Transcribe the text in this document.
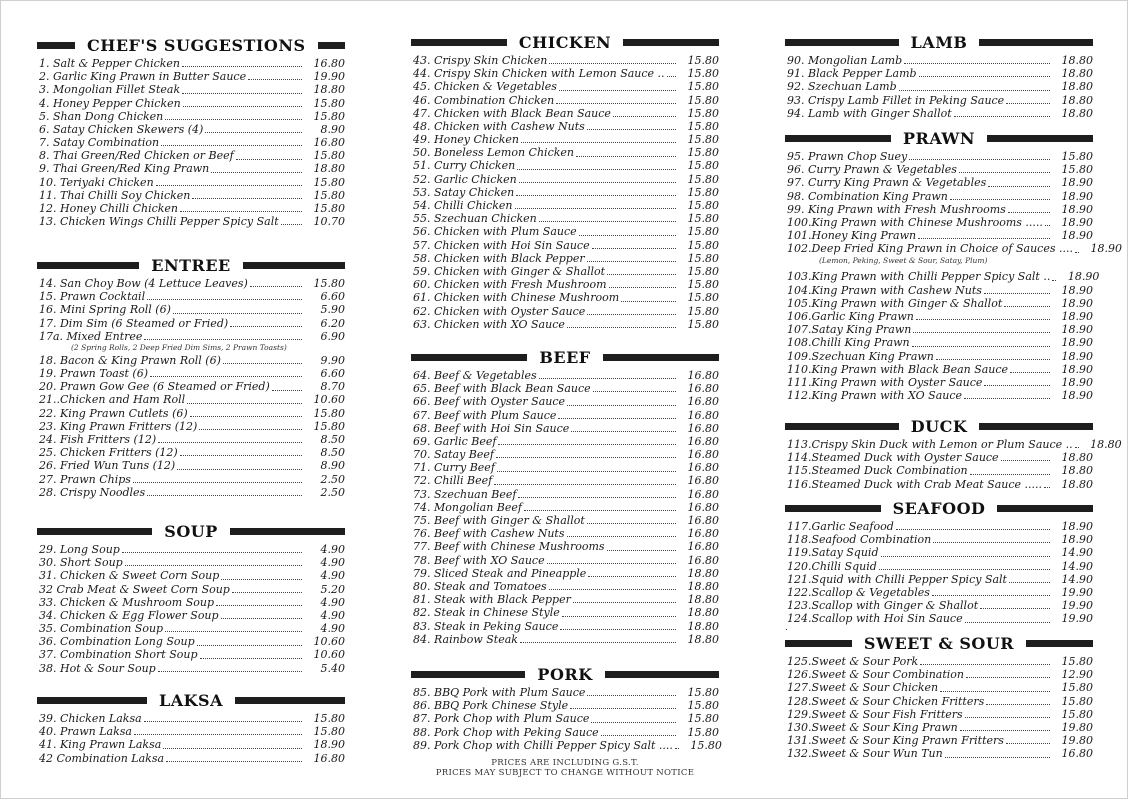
CHEF'S SUGGESTIONS
1. Salt & Pepper Chicken	16.80
2. Garlic King Prawn in Butter Sauce	19.90
3. Mongolian Fillet Steak	18.80
4. Honey Pepper Chicken	15.80
5. Shan Dong Chicken	15.80
6. Satay Chicken Skewers (4)	8.90
7. Satay Combination	16.80
8. Thai Green/Red Chicken or Beef	15.80
9. Thai Green/Red King Prawn	18.80
10. Teriyaki Chicken	15.80
11. Thai Chilli Soy Chicken	15.80
12. Honey Chilli Chicken	15.80
13. Chicken Wings Chilli Pepper Spicy Salt	10.70
ENTREE
14. San Choy Bow (4 Lettuce Leaves)	15.80
15. Prawn Cocktail	6.60
16. Mini Spring Roll (6)	5.90
17. Dim Sim (6 Steamed or Fried)	6.20
17a. Mixed Entree	6.90
(2 Spring Rolls, 2 Deep Fried Dim Sims, 2 Prawn Toasts)
18. Bacon & King Prawn Roll (6)	9.90
19. Prawn Toast (6)	6.60
20. Prawn Gow Gee (6 Steamed or Fried)	8.70
21..Chicken and Ham Roll	10.60
22. King Prawn Cutlets (6)	15.80
23. King Prawn Fritters (12)	15.80
24. Fish Fritters (12)	8.50
25. Chicken Fritters (12)	8.50
26. Fried Wun Tuns (12)	8.90
27. Prawn Chips	2.50
28. Crispy Noodles	2.50
SOUP
29. Long Soup	4.90
30. Short Soup	4.90
31. Chicken & Sweet Corn Soup	4.90
32 Crab Meat & Sweet Corn Soup	5.20
33. Chicken & Mushroom Soup	4.90
34. Chicken & Egg Flower Soup	4.90
35. Combination Soup	4.90
36. Combination Long Soup	10.60
37. Combination Short Soup	10.60
38. Hot & Sour Soup	5.40
LAKSA
39. Chicken Laksa	15.80
40. Prawn Laksa	15.80
41. King Prawn Laksa	18.90
42 Combination Laksa	16.80
CHICKEN
43. Crispy Skin Chicken	15.80
44. Crispy Skin Chicken with Lemon Sauce ..	15.80
45. Chicken & Vegetables	15.80
46. Combination Chicken	15.80
47. Chicken with Black Bean Sauce	15.80
48. Chicken with Cashew Nuts	15.80
49. Honey Chicken	15.80
50. Boneless Lemon Chicken	15.80
51. Curry Chicken	15.80
52. Garlic Chicken	15.80
53. Satay Chicken	15.80
54. Chilli Chicken	15.80
55. Szechuan Chicken	15.80
56. Chicken with Plum Sauce	15.80
57. Chicken with Hoi Sin Sauce	15.80
58. Chicken with Black Pepper	15.80
59. Chicken with Ginger & Shallot	15.80
60. Chicken with Fresh Mushroom	15.80
61. Chicken with Chinese Mushroom	15.80
62. Chicken with Oyster Sauce	15.80
63. Chicken with XO Sauce	15.80
BEEF
64. Beef & Vegetables	16.80
65. Beef with Black Bean Sauce	16.80
66. Beef with Oyster Sauce	16.80
67. Beef with Plum Sauce	16.80
68. Beef with Hoi Sin Sauce	16.80
69. Garlic Beef	16.80
70. Satay Beef	16.80
71. Curry Beef	16.80
72. Chilli Beef	16.80
73. Szechuan Beef	16.80
74. Mongolian Beef	16.80
75. Beef with Ginger & Shallot	16.80
76. Beef with Cashew Nuts	16.80
77. Beef with Chinese Mushrooms	16.80
78. Beef with XO Sauce	16.80
79. Sliced Steak and Pineapple	18.80
80. Steak and Tomatoes	18.80
81. Steak with Black Pepper	18.80
82. Steak in Chinese Style	18.80
83. Steak in Peking Sauce	18.80
84. Rainbow Steak	18.80
PORK
85. BBQ Pork with Plum Sauce	15.80
86. BBQ Pork Chinese Style	15.80
87. Pork Chop with Plum Sauce	15.80
88. Pork Chop with Peking Sauce	15.80
89. Pork Chop with Chilli Pepper Spicy Salt ....	15.80
PRICES ARE INCLUDING G.S.T.
PRICES MAY SUBJECT TO CHANGE WITHOUT NOTICE
LAMB
90. Mongolian Lamb	18.80
91. Black Pepper Lamb	18.80
92. Szechuan Lamb	18.80
93. Crispy Lamb Fillet in Peking Sauce	18.80
94. Lamb with Ginger Shallot	18.80
PRAWN
95. Prawn Chop Suey	15.80
96. Curry Prawn & Vegetables	15.80
97. Curry King Prawn & Vegetables	18.90
98. Combination King Prawn	18.90
99. King Prawn with Fresh Mushrooms	18.90
100.King Prawn with Chinese Mushrooms .....	18.90
101.Honey King Prawn	18.90
102.Deep Fried King Prawn in Choice of Sauces ....	18.90
(Lemon, Peking, Sweet & Sour, Satay, Plum)
103.King Prawn with Chilli Pepper Spicy Salt ..	18.90
104.King Prawn with Cashew Nuts	18.90
105.King Prawn with Ginger & Shallot	18.90
106.Garlic King Prawn	18.90
107.Satay King Prawn	18.90
108.Chilli King Prawn	18.90
109.Szechuan King Prawn	18.90
110.King Prawn with Black Bean Sauce	18.90
111.King Prawn with Oyster Sauce	18.90
112.King Prawn with XO Sauce	18.90
DUCK
113.Crispy Skin Duck with Lemon or Plum Sauce ..	18.80
114.Steamed Duck with Oyster Sauce	18.80
115.Steamed Duck Combination	18.80
116.Steamed Duck with Crab Meat Sauce .....	18.80
SEAFOOD
117.Garlic Seafood	18.90
118.Seafood Combination	18.90
119.Satay Squid	14.90
120.Chilli Squid	14.90
121.Squid with Chilli Pepper Spicy Salt	14.90
122.Scallop & Vegetables	19.90
123.Scallop with Ginger & Shallot	19.90
124.Scallop with Hoi Sin Sauce	19.90
SWEET & SOUR
125.Sweet & Sour Pork	15.80
126.Sweet & Sour Combination	12.90
127.Sweet & Sour Chicken	15.80
128.Sweet & Sour Chicken Fritters	15.80
129.Sweet & Sour Fish Fritters	15.80
130.Sweet & Sour King Prawn	19.80
131.Sweet & Sour King Prawn Fritters	19.80
132.Sweet & Sour Wun Tun	16.80
.
